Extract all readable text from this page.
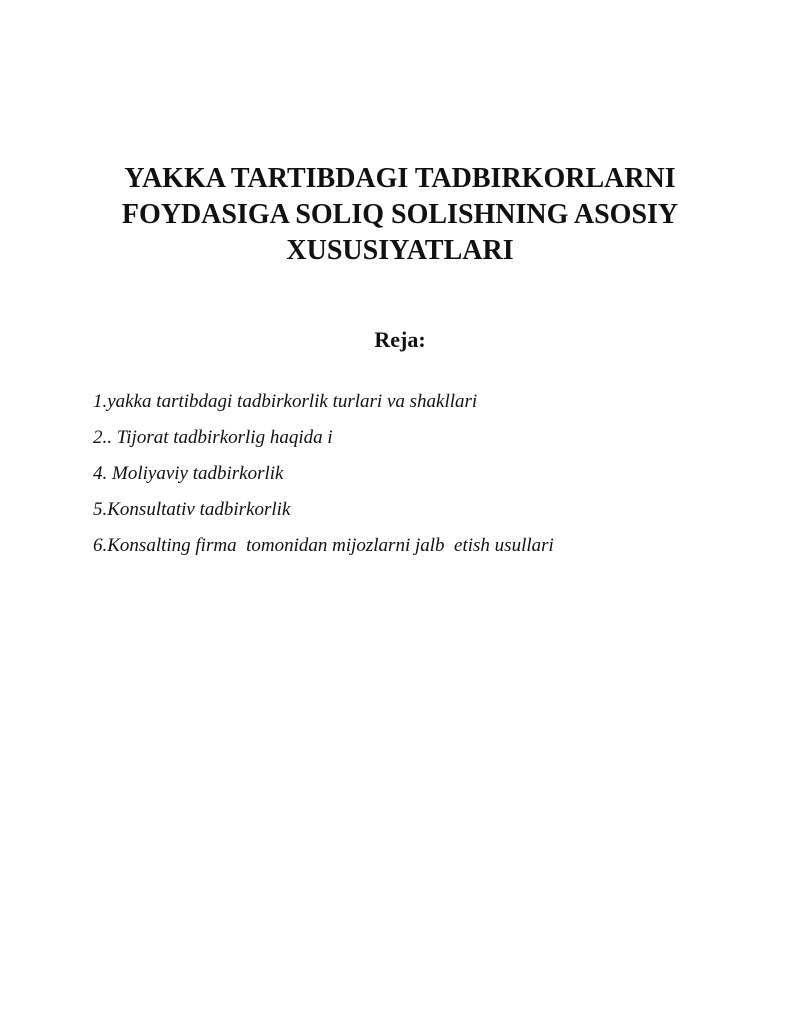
YAKKA TARTIBDAGI TADBIRKORLARNI
FOYDASIGA SOLIQ SOLISHNING ASOSIY
XUSUSIYATLARI
Reja:
1.yakka tartibdagi tadbirkorlik turlari va shakllari
2.. Tijorat tadbirkorlig haqida i
4. Moliyaviy tadbirkorlik
5.Konsultativ tadbirkorlik
6.Konsalting firma  tomonidan mijozlarni jalb  etish usullari
